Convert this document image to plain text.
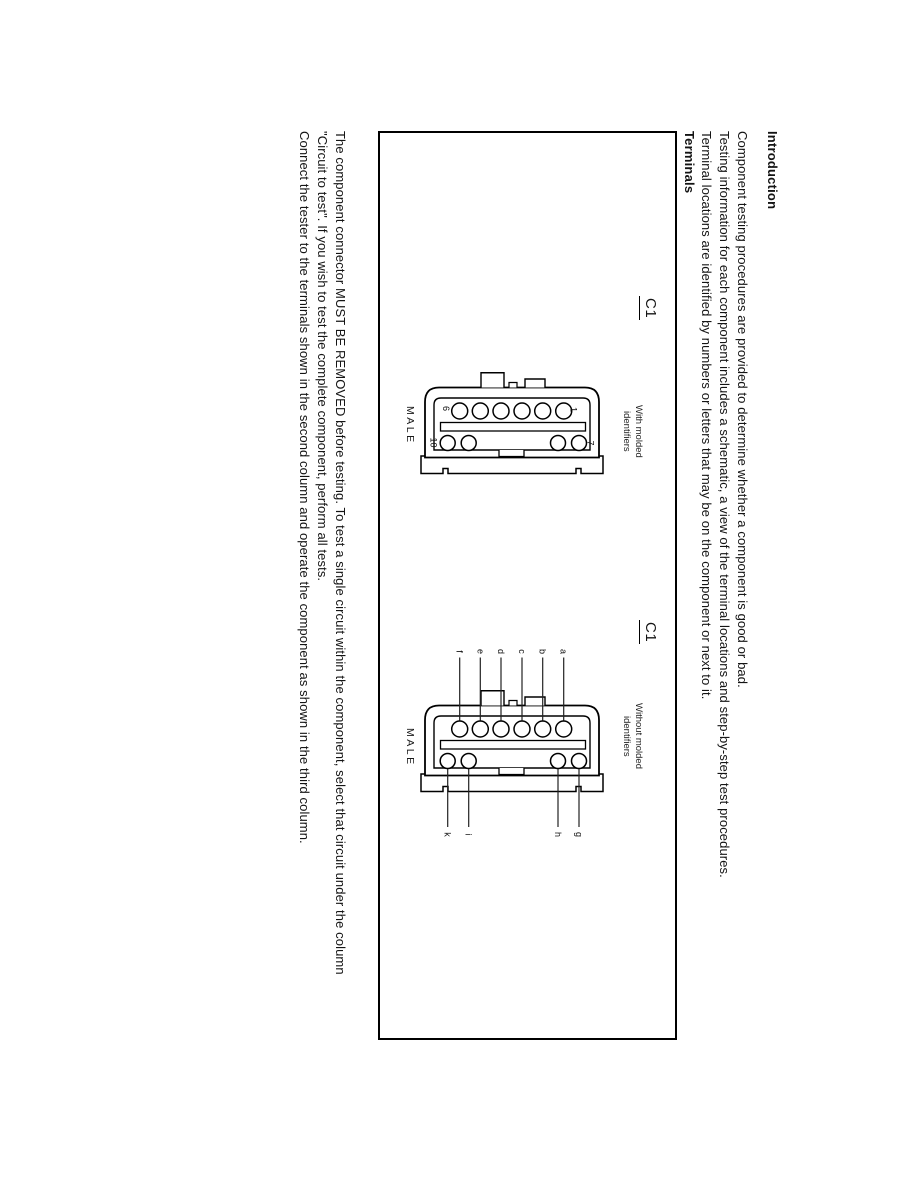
Introduction

Component testing procedures are provided to determine whether a component is good or bad.

Testing information for each component includes a schematic, a view of the terminal locations and step-by-step test procedures.

Terminal locations are identified by numbers or letters that may be on the component or next to it.

Terminals
C1
With molded identifiers
MALE	6	1
10	7
C1
Without molded identifiers
MALE
f e d c b a
k i	h g

The component connector MUST BE REMOVED before testing. To test a single circuit within the component, select that circuit under the column "Circuit to test". If you wish to test the complete component, perform all tests.

Connect the tester to the terminals shown in the second column and operate the component as shown in the third column.
